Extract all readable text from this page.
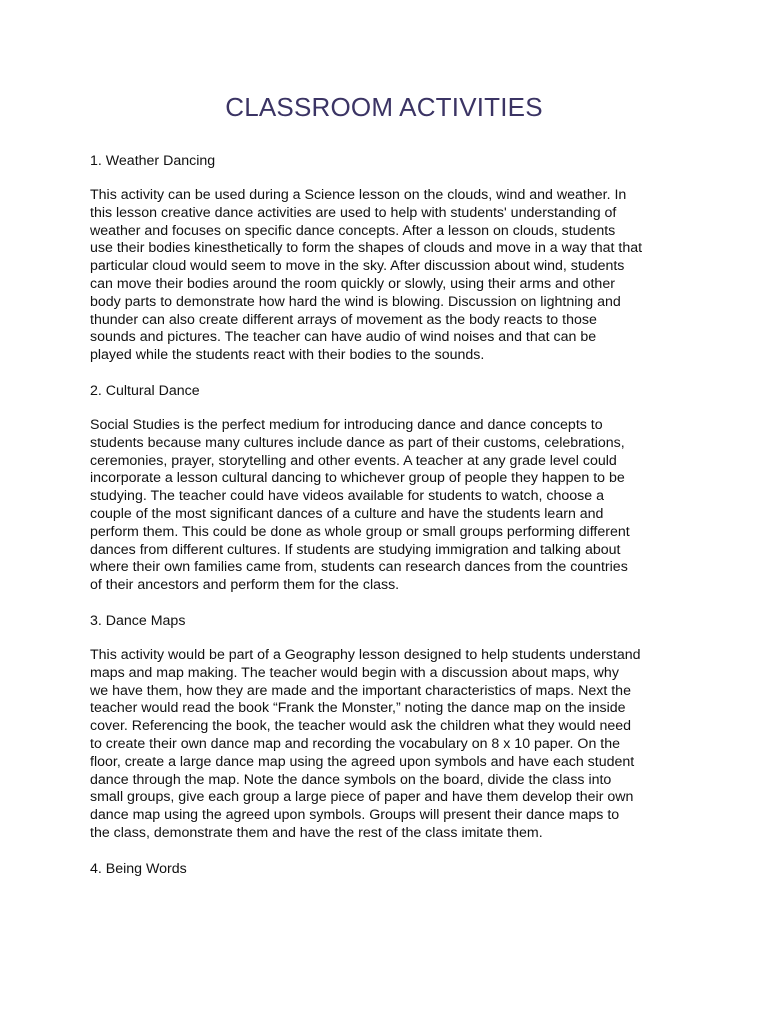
CLASSROOM ACTIVITIES
1. Weather Dancing
This activity can be used during a Science lesson on the clouds, wind and weather. In
this lesson creative dance activities are used to help with students' understanding of
weather and focuses on specific dance concepts. After a lesson on clouds, students
use their bodies kinesthetically to form the shapes of clouds and move in a way that that
particular cloud would seem to move in the sky. After discussion about wind, students
can move their bodies around the room quickly or slowly, using their arms and other
body parts to demonstrate how hard the wind is blowing. Discussion on lightning and
thunder can also create different arrays of movement as the body reacts to those
sounds and pictures. The teacher can have audio of wind noises and that can be
played while the students react with their bodies to the sounds.
2. Cultural Dance
Social Studies is the perfect medium for introducing dance and dance concepts to
students because many cultures include dance as part of their customs, celebrations,
ceremonies, prayer, storytelling and other events. A teacher at any grade level could
incorporate a lesson cultural dancing to whichever group of people they happen to be
studying. The teacher could have videos available for students to watch, choose a
couple of the most significant dances of a culture and have the students learn and
perform them. This could be done as whole group or small groups performing different
dances from different cultures. If students are studying immigration and talking about
where their own families came from, students can research dances from the countries
of their ancestors and perform them for the class.
3. Dance Maps
This activity would be part of a Geography lesson designed to help students understand
maps and map making. The teacher would begin with a discussion about maps, why
we have them, how they are made and the important characteristics of maps. Next the
teacher would read the book “Frank the Monster,” noting the dance map on the inside
cover. Referencing the book, the teacher would ask the children what they would need
to create their own dance map and recording the vocabulary on 8 x 10 paper. On the
floor, create a large dance map using the agreed upon symbols and have each student
dance through the map. Note the dance symbols on the board, divide the class into
small groups, give each group a large piece of paper and have them develop their own
dance map using the agreed upon symbols. Groups will present their dance maps to
the class, demonstrate them and have the rest of the class imitate them.
4. Being Words
